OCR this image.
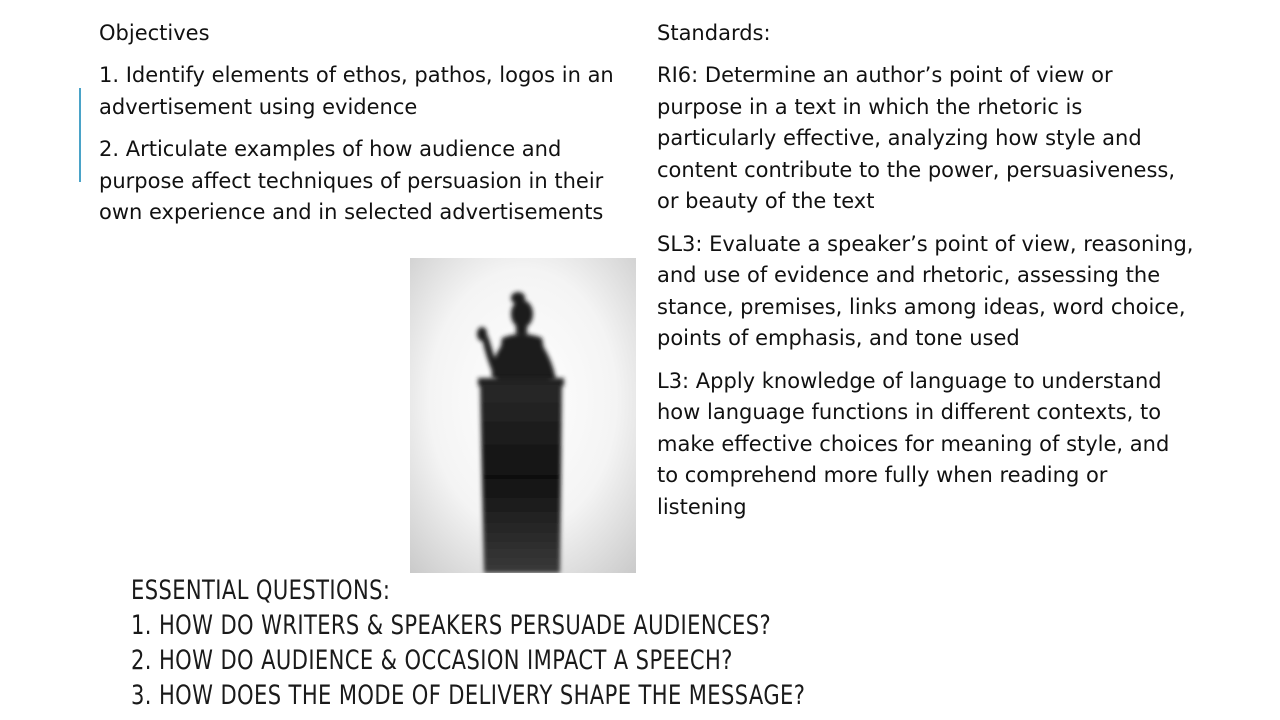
Objectives
1. Identify elements of ethos, pathos, logos in an advertisement using evidence
2. Articulate examples of how audience and purpose affect techniques of persuasion in their own experience and in selected advertisements
Standards:
RI6: Determine an author’s point of view or purpose in a text in which the rhetoric is particularly effective, analyzing how style and content contribute to the power, persuasiveness, or beauty of the text
SL3: Evaluate a speaker’s point of view, reasoning, and use of evidence and rhetoric, assessing the stance, premises, links among ideas, word choice, points of emphasis, and tone used
L3: Apply knowledge of language to understand how language functions in different contexts, to make effective choices for meaning of style, and to comprehend more fully when reading or listening
ESSENTIAL QUESTIONS:
1. HOW DO WRITERS & SPEAKERS PERSUADE AUDIENCES?
2. HOW DO AUDIENCE & OCCASION IMPACT A SPEECH?
3. HOW DOES THE MODE OF DELIVERY SHAPE THE MESSAGE?
